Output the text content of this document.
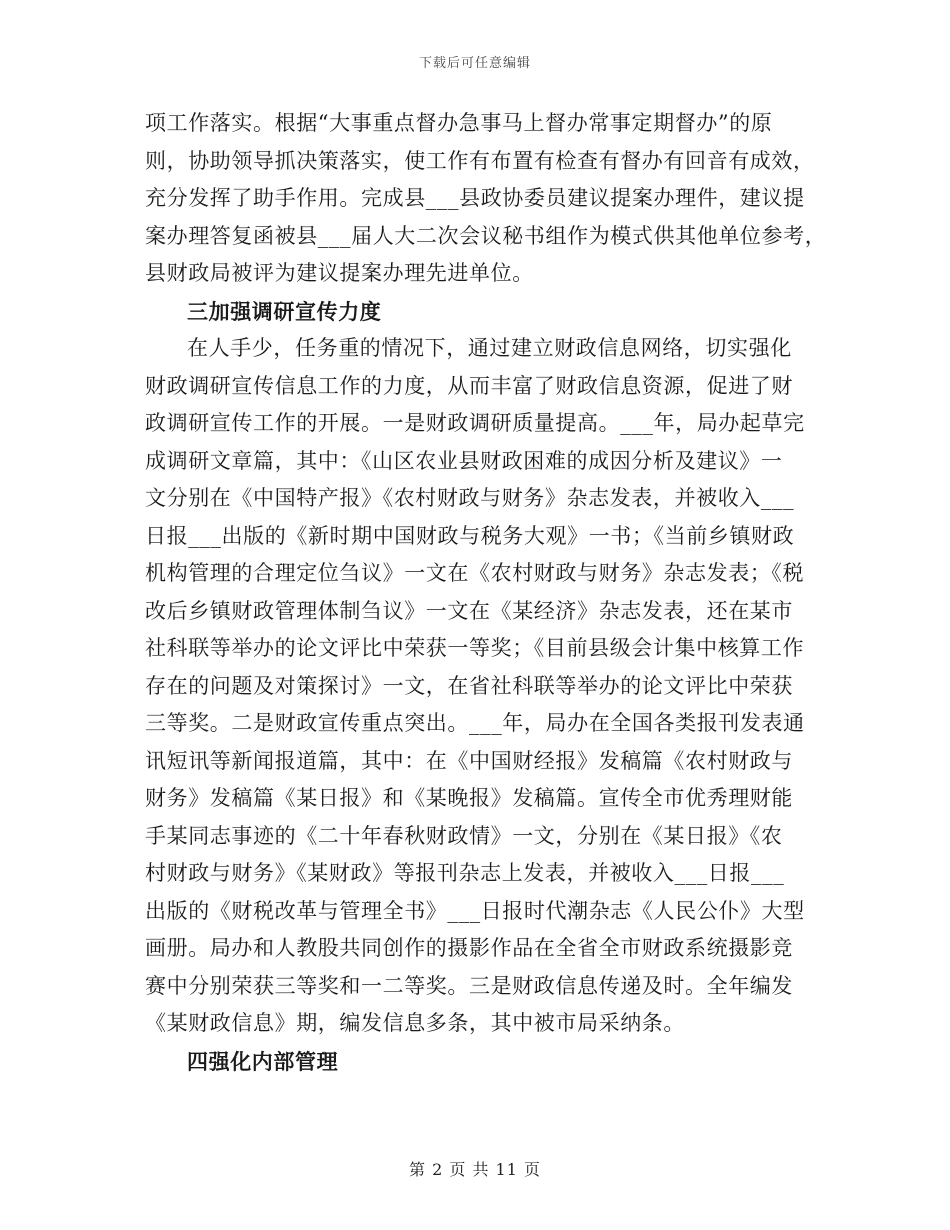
下载后可任意编辑
项工作落实。根据“大事重点督办急事马上督办常事定期督办”的原
则，协助领导抓决策落实，使工作有布置有检查有督办有回音有成效，
充分发挥了助手作用。完成县___县政协委员建议提案办理件，建议提
案办理答复函被县___届人大二次会议秘书组作为模式供其他单位参考，
县财政局被评为建议提案办理先进单位。
三加强调研宣传力度
在人手少，任务重的情况下，通过建立财政信息网络，切实强化
财政调研宣传信息工作的力度，从而丰富了财政信息资源，促进了财
政调研宣传工作的开展。一是财政调研质量提高。___年，局办起草完
成调研文章篇，其中：《山区农业县财政困难的成因分析及建议》一
文分别在《中国特产报》《农村财政与财务》杂志发表，并被收入___
日报___出版的《新时期中国财政与税务大观》一书；《当前乡镇财政
机构管理的合理定位刍议》一文在《农村财政与财务》杂志发表；《税
改后乡镇财政管理体制刍议》一文在《某经济》杂志发表，还在某市
社科联等举办的论文评比中荣获一等奖；《目前县级会计集中核算工作
存在的问题及对策探讨》一文，在省社科联等举办的论文评比中荣获
三等奖。二是财政宣传重点突出。___年，局办在全国各类报刊发表通
讯短讯等新闻报道篇，其中：在《中国财经报》发稿篇《农村财政与
财务》发稿篇《某日报》和《某晚报》发稿篇。宣传全市优秀理财能
手某同志事迹的《二十年春秋财政情》一文，分别在《某日报》《农
村财政与财务》《某财政》等报刊杂志上发表，并被收入___日报___
出版的《财税改革与管理全书》___日报时代潮杂志《人民公仆》大型
画册。局办和人教股共同创作的摄影作品在全省全市财政系统摄影竞
赛中分别荣获三等奖和一二等奖。三是财政信息传递及时。全年编发
《某财政信息》期，编发信息多条，其中被市局采纳条。
四强化内部管理
第 2 页 共 11 页
